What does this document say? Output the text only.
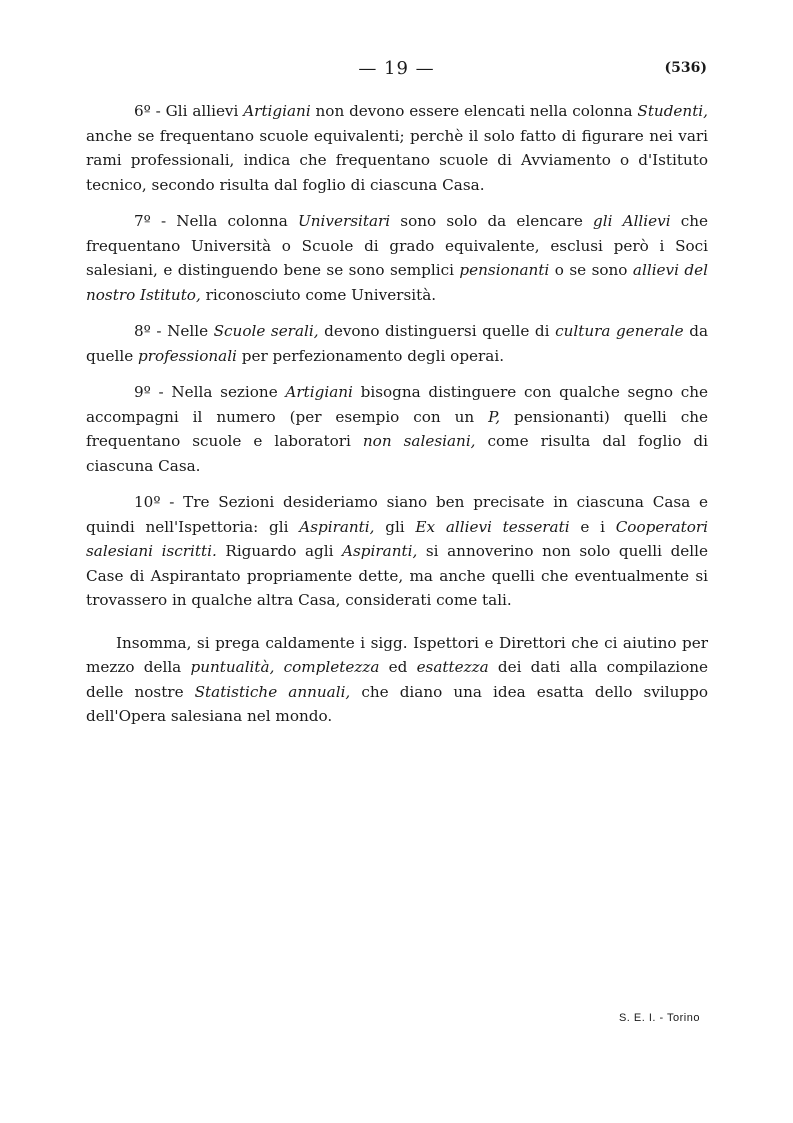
— 19 —	(536)

6º - Gli allievi Artigiani non devono essere elencati nella colonna Studenti, anche se frequentano scuole equivalenti; perchè il solo fatto di figurare nei vari rami professionali, indica che frequentano scuole di Avviamento o d'Istituto tecnico, secondo risulta dal foglio di ciascuna Casa.

7º - Nella colonna Universitari sono solo da elencare gli Allievi che frequentano Università o Scuole di grado equivalente, esclusi però i Soci salesiani, e distinguendo bene se sono semplici pensionanti o se sono allievi del nostro Istituto, riconosciuto come Università.

8º - Nelle Scuole serali, devono distinguersi quelle di cultura generale da quelle professionali per perfezionamento degli operai.

9º - Nella sezione Artigiani bisogna distinguere con qualche segno che accompagni il numero (per esempio con un P, pensionanti) quelli che frequentano scuole e laboratori non salesiani, come risulta dal foglio di ciascuna Casa.

10º - Tre Sezioni desideriamo siano ben precisate in ciascuna Casa e quindi nell'Ispettoria: gli Aspiranti, gli Ex allievi tesserati e i Cooperatori salesiani iscritti. Riguardo agli Aspiranti, si annoverino non solo quelli delle Case di Aspirantato propriamente dette, ma anche quelli che eventualmente si trovassero in qualche altra Casa, considerati come tali.

Insomma, si prega caldamente i sigg. Ispettori e Direttori che ci aiutino per mezzo della puntualità, completezza ed esattezza dei dati alla compilazione delle nostre Statistiche annuali, che diano una idea esatta dello sviluppo dell'Opera salesiana nel mondo.

S. E. I. - Torino
